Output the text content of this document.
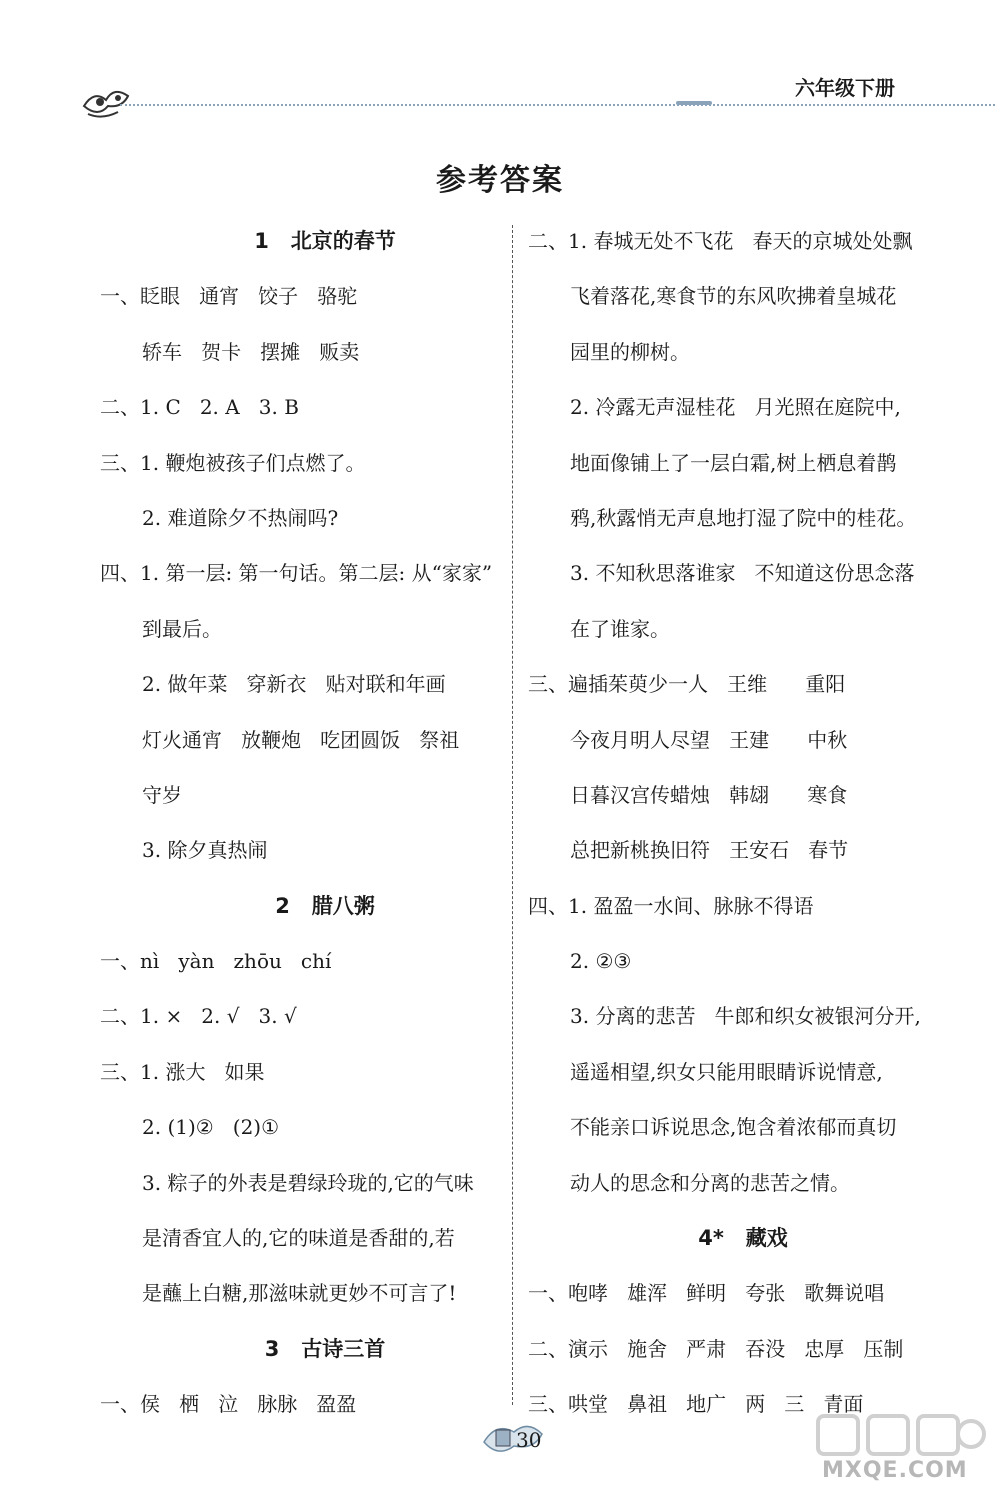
六年级下册
参考答案
1   北京的春节
一、眨眼   通宵   饺子   骆驼
轿车   贺卡   摆摊   贩卖
二、1. C   2. A   3. B
三、1. 鞭炮被孩子们点燃了。
2. 难道除夕不热闹吗?
四、1. 第一层: 第一句话。第二层: 从“家家”
到最后。
2. 做年菜   穿新衣   贴对联和年画
灯火通宵   放鞭炮   吃团圆饭   祭祖
守岁
3. 除夕真热闹
2   腊八粥
一、nì   yàn   zhōu   chí
二、1. ×   2. √   3. √
三、1. 涨大   如果
2. (1)②   (2)①
3. 粽子的外表是碧绿玲珑的,它的气味
是清香宜人的,它的味道是香甜的,若
是蘸上白糖,那滋味就更妙不可言了!
3   古诗三首
一、侯   栖   泣   脉脉   盈盈
二、1. 春城无处不飞花   春天的京城处处飘
飞着落花,寒食节的东风吹拂着皇城花
园里的柳树。
2. 冷露无声湿桂花   月光照在庭院中,
地面像铺上了一层白霜,树上栖息着鹊
鸦,秋露悄无声息地打湿了院中的桂花。
3. 不知秋思落谁家   不知道这份思念落
在了谁家。
三、遍插茱萸少一人   王维      重阳
今夜月明人尽望   王建      中秋
日暮汉宫传蜡烛   韩翃      寒食
总把新桃换旧符   王安石   春节
四、1. 盈盈一水间、脉脉不得语
2. ②③
3. 分离的悲苦   牛郎和织女被银河分开,
遥遥相望,织女只能用眼睛诉说情意,
不能亲口诉说思念,饱含着浓郁而真切
动人的思念和分离的悲苦之情。
4*   藏戏
一、咆哮   雄浑   鲜明   夸张   歌舞说唱
二、演示   施舍   严肃   吞没   忠厚   压制
三、哄堂   鼻祖   地广   两   三   青面
30
MXQE.COM
